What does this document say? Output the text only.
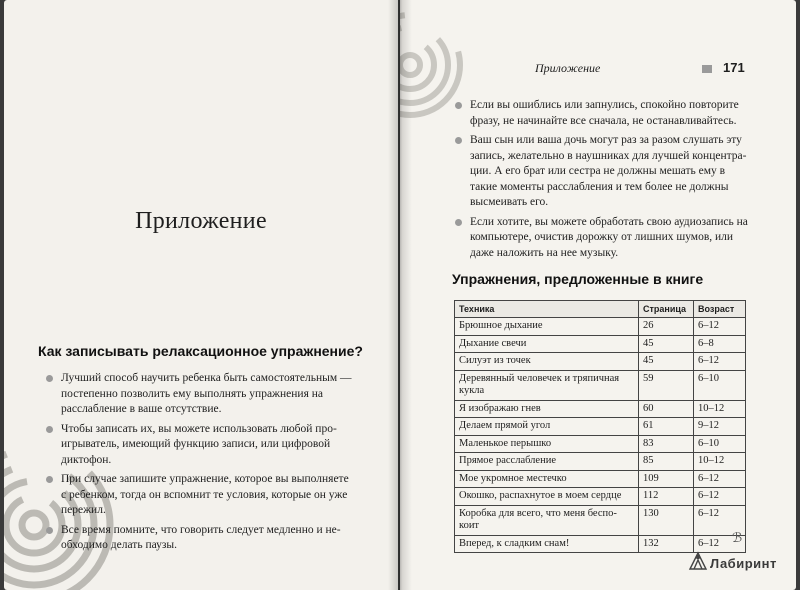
Приложение
Как записывать релаксационное упражнение?
Лучший способ научить ребенка быть самостоятельным — постепенно позволить ему выполнять упражнения на расслабление в ваше отсутствие.
Чтобы записать их, вы можете использовать любой про-игрыватель, имеющий функцию записи, или цифровой диктофон.
При случае запишите упражнение, которое вы выполняете с ребенком, тогда он вспомнит те условия, которые он уже пережил.
Все время помните, что говорить следует медленно и не-обходимо делать паузы.
Приложение	171
Если вы ошиблись или запнулись, спокойно повторите фразу, не начинайте все сначала, не останавливайтесь.
Ваш сын или ваша дочь могут раз за разом слушать эту запись, желательно в наушниках для лучшей концентра-ции. А его брат или сестра не должны мешать ему в такие моменты расслабления и тем более не должны высмеивать его.
Если хотите, вы можете обработать свою аудиозапись на компьютере, очистив дорожку от лишних шумов, или даже наложить на нее музыку.
Упражнения, предложенные в книге
Техника	Страница	Возраст
Брюшное дыхание	26	6–12
Дыхание свечи	45	6–8
Силуэт из точек	45	6–12
Деревянный человечек и тряпичная кукла	59	6–10
Я изображаю гнев	60	10–12
Делаем прямой угол	61	9–12
Маленькое перышко	83	6–10
Прямое расслабление	85	10–12
Мое укромное местечко	109	6–12
Окошко, распахнутое в моем сердце	112	6–12
Коробка для всего, что меня беспо-коит	130	6–12
Вперед, к сладким снам!	132	6–12 ℬ
Лабиринт
